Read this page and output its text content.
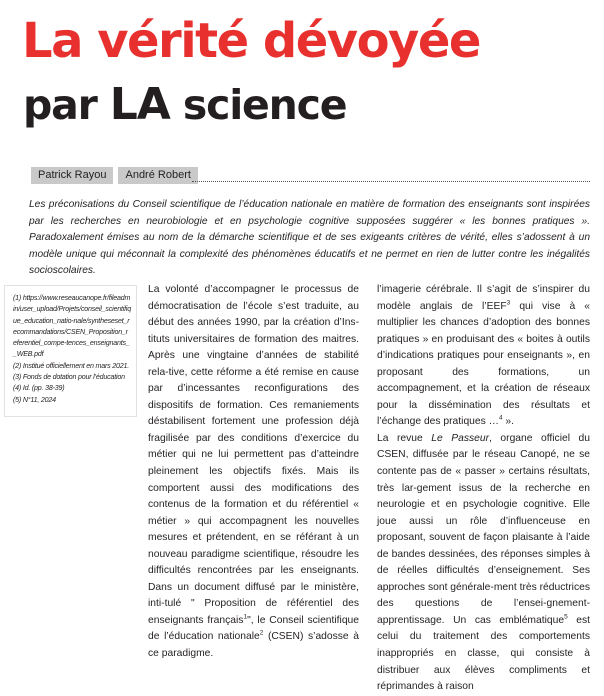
La vérité dévoyée
par LA science
Patrick Rayou	André Robert
Les préconisations du Conseil scientifique de l’éducation nationale en matière de formation des enseignants sont inspirées par les recherches en neurobiologie et en psychologie cognitive supposées suggérer « les bonnes pratiques ». Paradoxalement émises au nom de la démarche scientifique et de ses exigeants critères de vérité, elles s’adossent à un modèle unique qui méconnait la complexité des phénomènes éducatifs et ne permet en rien de lutter contre les inégalités socioscolaires.
(1) https://www.reseaucanope.fr/fileadmin/user_upload/Projets/conseil_scientifique_education_natio-nale/syntheseset_recommandations/CSEN_Proposition_referentiel_compe-tences_enseignants__WEB.pdf
(2) Institué officiellement en mars 2021.
(3) Fonds de dotation pour l’éducation
(4) Id. (pp. 38-39)
(5) N°11, 2024

La volonté d’accompagner le processus de démocratisation de l’école s’est traduite, au début des années 1990, par la création d’Ins-tituts universitaires de formation des maitres. Après une vingtaine d’années de stabilité rela-tive, cette réforme a été remise en cause par d’incessantes reconfigurations des dispositifs de formation. Ces remaniements déstabilisent fortement une profession déjà fragilisée par des conditions d’exercice du métier qui ne lui permettent pas d’atteindre pleinement les objectifs fixés. Mais ils comportent aussi des modifications des contenus de la formation et du référentiel « métier » qui accompagnent les nouvelles mesures et prétendent, en se référant à un nouveau paradigme scientifique, résoudre les difficultés rencontrées par les enseignants. Dans un document diffusé par le ministère, inti-tulé " Proposition de référentiel des enseignants français$^1$", le Conseil scientifique de l’éducation nationale$^2$ (CSEN) s’adosse à ce paradigme.

l’imagerie cérébrale. Il s’agit de s’inspirer du modèle anglais de l’EEF$^3$ qui vise à « multiplier les chances d’adoption des bonnes pratiques » en produisant des « boites à outils d’indications pratiques pour enseignants », en proposant des formations, un accompagnement, et la création de réseaux pour la dissémination des résultats et l’échange des pratiques …$^4$ ».

La revue Le Passeur, organe officiel du CSEN, diffusée par le réseau Canopé, ne se contente pas de « passer » certains résultats, très lar-gement issus de la recherche en neurologie et en psychologie cognitive. Elle joue aussi un rôle d’influenceuse en proposant, souvent de façon plaisante à l’aide de bandes dessinées, des réponses simples à de réelles difficultés d’enseignement. Ses approches sont générale-ment très réductrices des questions de l’ensei-gnement-apprentissage. Un cas emblématique$^5$ est celui du traitement des comportements inappropriés en classe, qui consiste à distribuer aux élèves compliments et réprimandes à raison
